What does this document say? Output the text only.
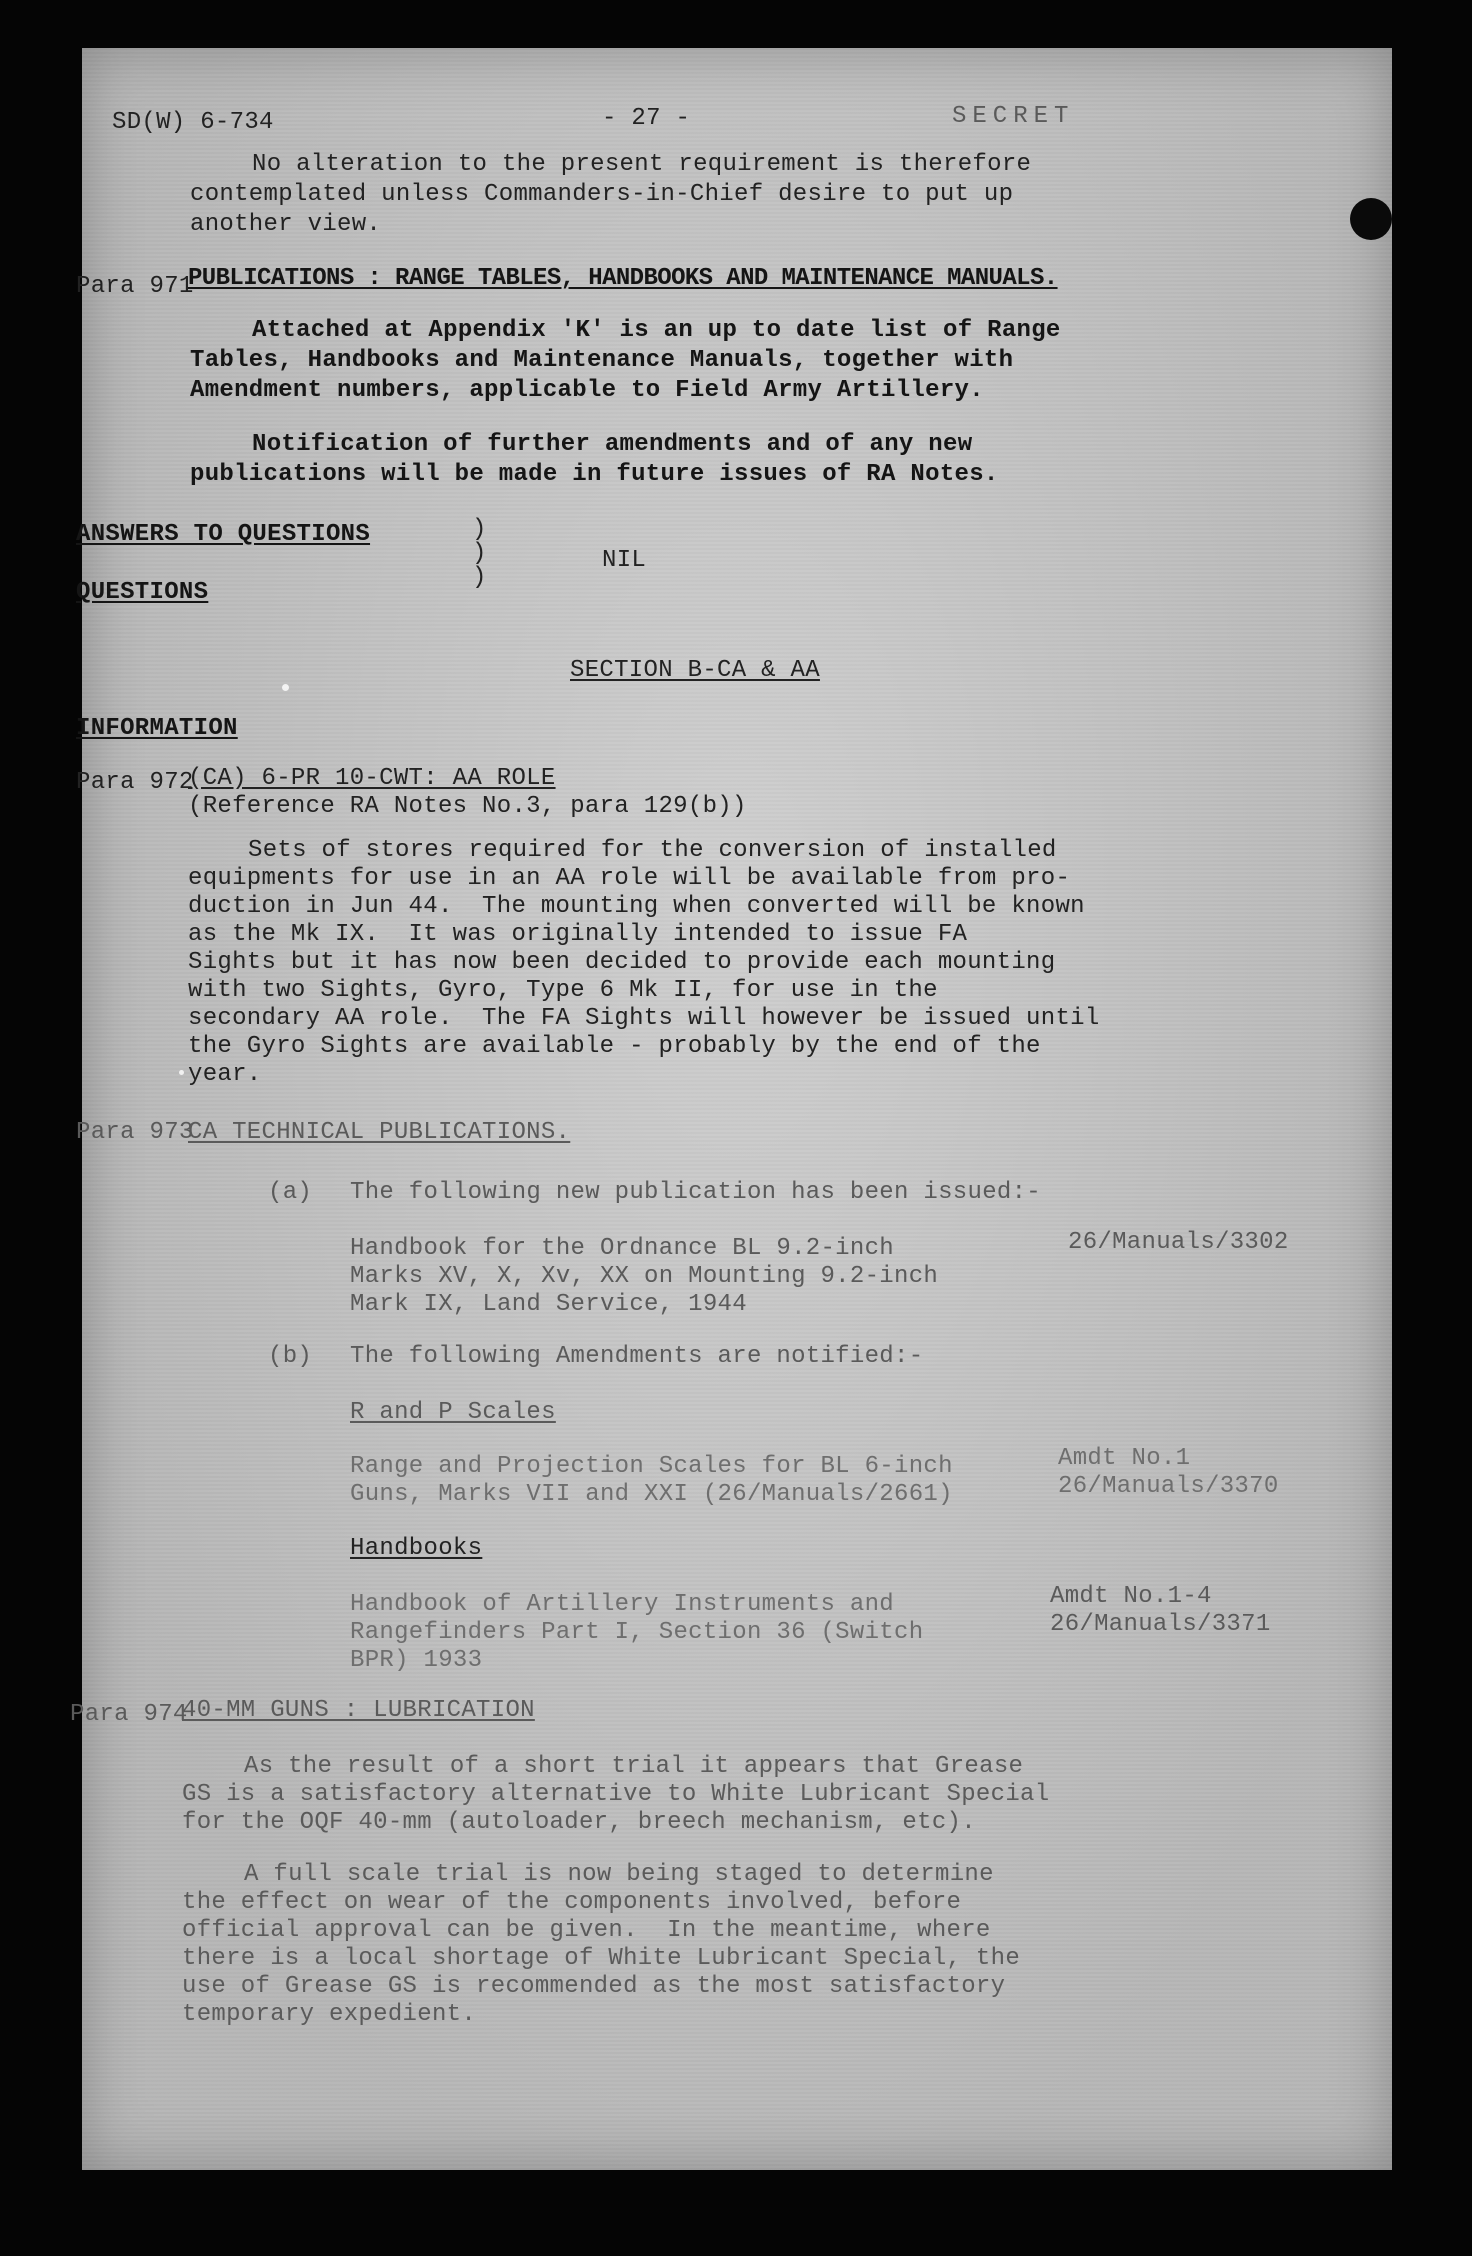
SD(W) 6-734	- 27 -	SECRET
No alteration to the present requirement is therefore
contemplated unless Commanders-in-Chief desire to put up
another view.
Para 971
PUBLICATIONS : RANGE TABLES, HANDBOOKS AND MAINTENANCE MANUALS.
Attached at Appendix 'K' is an up to date list of Range
Tables, Handbooks and Maintenance Manuals, together with
Amendment numbers, applicable to Field Army Artillery.
Notification of further amendments and of any new
publications will be made in future issues of RA Notes.
ANSWERS TO QUESTIONS
QUESTIONS
)
)
)
NIL
SECTION B-CA & AA
INFORMATION
Para 972
(CA) 6-PR 10-CWT: AA ROLE
(Reference RA Notes No.3, para 129(b))
Sets of stores required for the conversion of installed
equipments for use in an AA role will be available from pro-
duction in Jun 44.  The mounting when converted will be known
as the Mk IX.  It was originally intended to issue FA
Sights but it has now been decided to provide each mounting
with two Sights, Gyro, Type 6 Mk II, for use in the
secondary AA role.  The FA Sights will however be issued until
the Gyro Sights are available - probably by the end of the
year.
Para 973
CA TECHNICAL PUBLICATIONS.
(a) The following new publication has been issued:-
Handbook for the Ordnance BL 9.2-inch
Marks XV, X, Xv, XX on Mounting 9.2-inch
Mark IX, Land Service, 1944
26/Manuals/3302
(b) The following Amendments are notified:-
R and P Scales
Range and Projection Scales for BL 6-inch
Guns, Marks VII and XXI (26/Manuals/2661)
Amdt No.1
26/Manuals/3370
Handbooks
Handbook of Artillery Instruments and
Rangefinders Part I, Section 36 (Switch
BPR) 1933
Amdt No.1-4
26/Manuals/3371
Para 974
40-MM GUNS : LUBRICATION
As the result of a short trial it appears that Grease
GS is a satisfactory alternative to White Lubricant Special
for the OQF 40-mm (autoloader, breech mechanism, etc).
A full scale trial is now being staged to determine
the effect on wear of the components involved, before
official approval can be given.  In the meantime, where
there is a local shortage of White Lubricant Special, the
use of Grease GS is recommended as the most satisfactory
temporary expedient.
